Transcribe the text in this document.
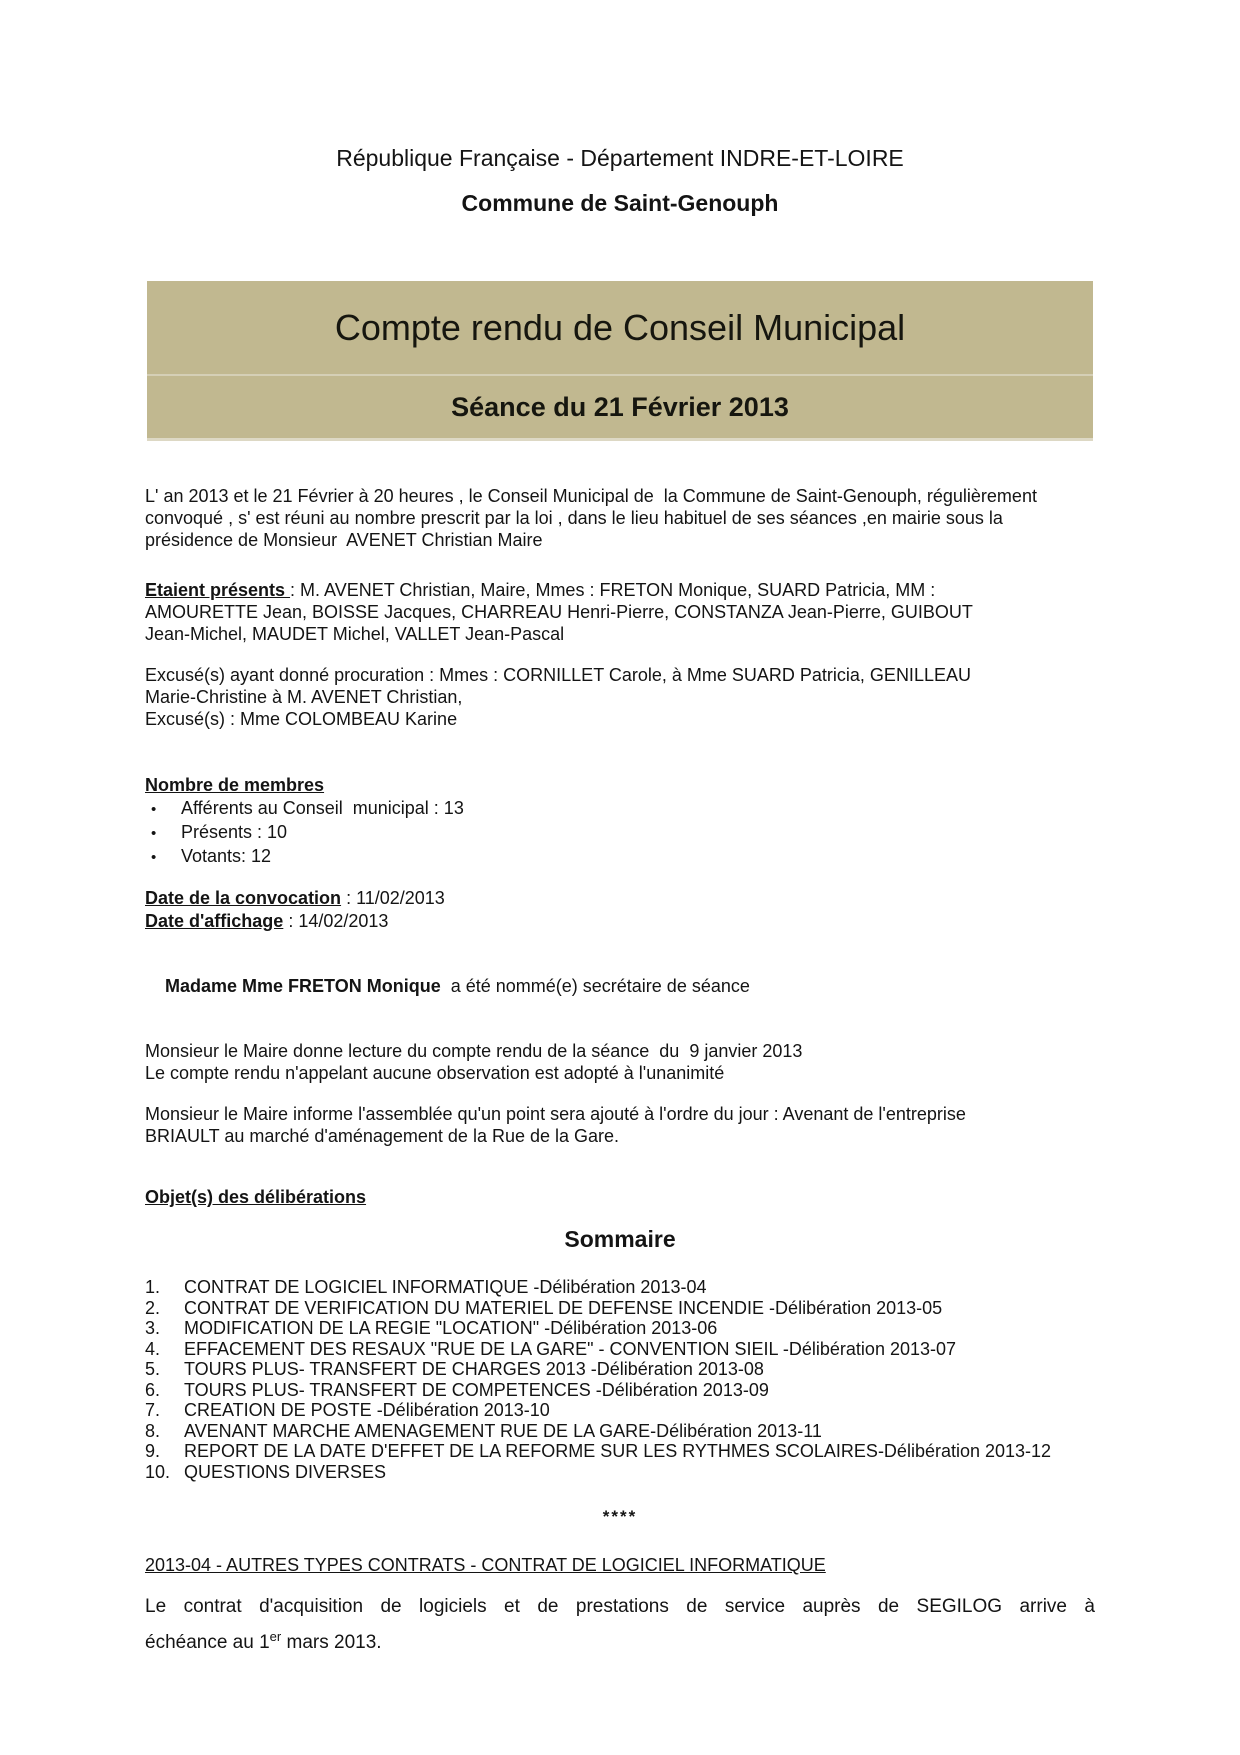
République Française - Département INDRE-ET-LOIRE
Commune de Saint-Genouph
Compte rendu de Conseil Municipal
Séance du 21 Février 2013
L' an 2013 et le 21 Février à 20 heures , le Conseil Municipal de  la Commune de Saint-Genouph, régulièrement
convoqué , s' est réuni au nombre prescrit par la loi , dans le lieu habituel de ses séances ,en mairie sous la
présidence de Monsieur  AVENET Christian Maire
Etaient présents : M. AVENET Christian, Maire, Mmes : FRETON Monique, SUARD Patricia, MM :
AMOURETTE Jean, BOISSE Jacques, CHARREAU Henri-Pierre, CONSTANZA Jean-Pierre, GUIBOUT
Jean-Michel, MAUDET Michel, VALLET Jean-Pascal
Excusé(s) ayant donné procuration : Mmes : CORNILLET Carole, à Mme SUARD Patricia, GENILLEAU
Marie-Christine à M. AVENET Christian,
Excusé(s) : Mme COLOMBEAU Karine
Nombre de membres
• Afférents au Conseil  municipal : 13
• Présents : 10
• Votants: 12
Date de la convocation : 11/02/2013
Date d'affichage : 14/02/2013

Madame Mme FRETON Monique  a été nommé(e) secrétaire de séance

Monsieur le Maire donne lecture du compte rendu de la séance  du  9 janvier 2013
Le compte rendu n'appelant aucune observation est adopté à l'unanimité
Monsieur le Maire informe l'assemblée qu'un point sera ajouté à l'ordre du jour : Avenant de l'entreprise
BRIAULT au marché d'aménagement de la Rue de la Gare.
Objet(s) des délibérations
Sommaire
1. CONTRAT DE LOGICIEL INFORMATIQUE -Délibération 2013-04
2. CONTRAT DE VERIFICATION DU MATERIEL DE DEFENSE INCENDIE -Délibération 2013-05
3. MODIFICATION DE LA REGIE "LOCATION" -Délibération 2013-06
4. EFFACEMENT DES RESAUX "RUE DE LA GARE" - CONVENTION SIEIL -Délibération 2013-07
5. TOURS PLUS- TRANSFERT DE CHARGES 2013 -Délibération 2013-08
6. TOURS PLUS- TRANSFERT DE COMPETENCES -Délibération 2013-09
7. CREATION DE POSTE -Délibération 2013-10
8. AVENANT MARCHE AMENAGEMENT RUE DE LA GARE-Délibération 2013-11
9. REPORT DE LA DATE D'EFFET DE LA REFORME SUR LES RYTHMES SCOLAIRES-Délibération 2013-12
10. QUESTIONS DIVERSES
****
2013-04 - AUTRES TYPES CONTRATS - CONTRAT DE LOGICIEL INFORMATIQUE
Le contrat d'acquisition de logiciels et de prestations de service auprès de SEGILOG arrive à
échéance au 1er mars 2013.
